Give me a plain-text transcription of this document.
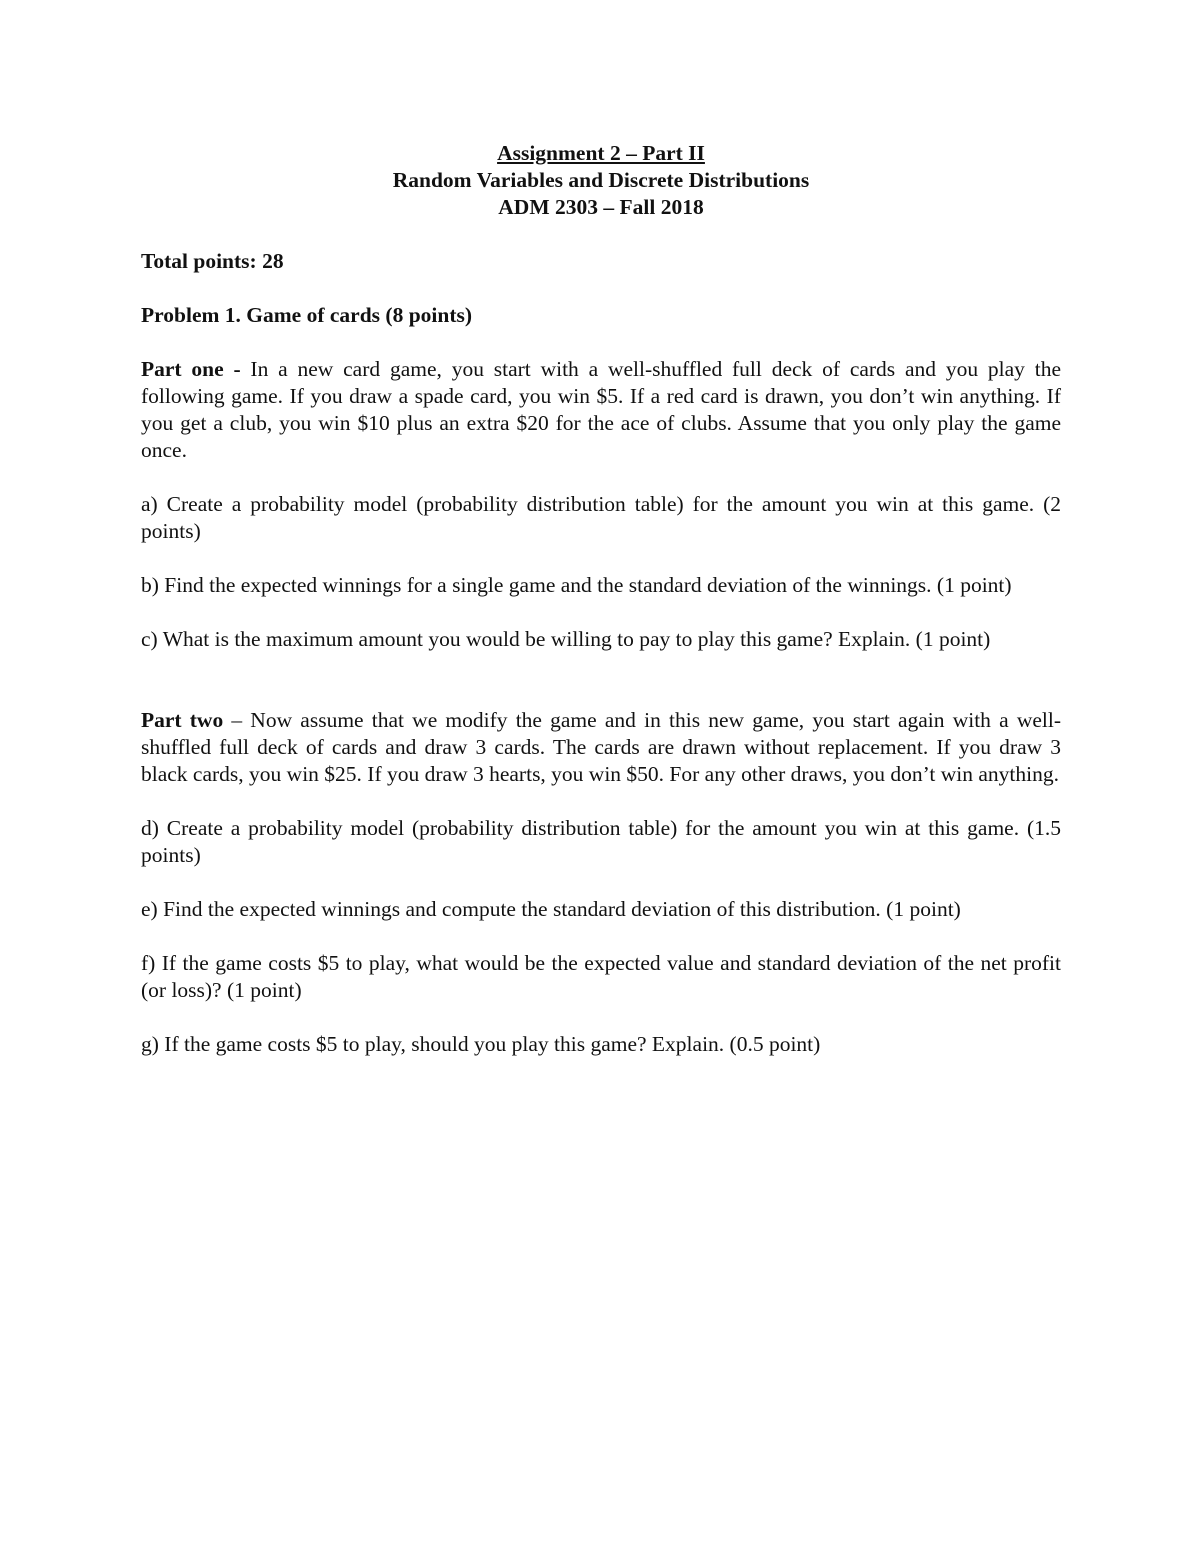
Assignment 2 – Part II
Random Variables and Discrete Distributions
ADM 2303 – Fall 2018

Total points: 28

Problem 1. Game of cards (8 points)

Part one - In a new card game, you start with a well-shuffled full deck of cards and you play the following game. If you draw a spade card, you win $5. If a red card is drawn, you don’t win anything. If you get a club, you win $10 plus an extra $20 for the ace of clubs. Assume that you only play the game once.

a) Create a probability model (probability distribution table) for the amount you win at this game. (2 points)

b) Find the expected winnings for a single game and the standard deviation of the winnings. (1 point)

c) What is the maximum amount you would be willing to pay to play this game? Explain. (1 point)

Part two – Now assume that we modify the game and in this new game, you start again with a well-shuffled full deck of cards and draw 3 cards. The cards are drawn without replacement. If you draw 3 black cards, you win $25. If you draw 3 hearts, you win $50. For any other draws, you don’t win anything.

d) Create a probability model (probability distribution table) for the amount you win at this game. (1.5 points)

e) Find the expected winnings and compute the standard deviation of this distribution. (1 point)

f) If the game costs $5 to play, what would be the expected value and standard deviation of the net profit (or loss)? (1 point)

g) If the game costs $5 to play, should you play this game? Explain. (0.5 point)
